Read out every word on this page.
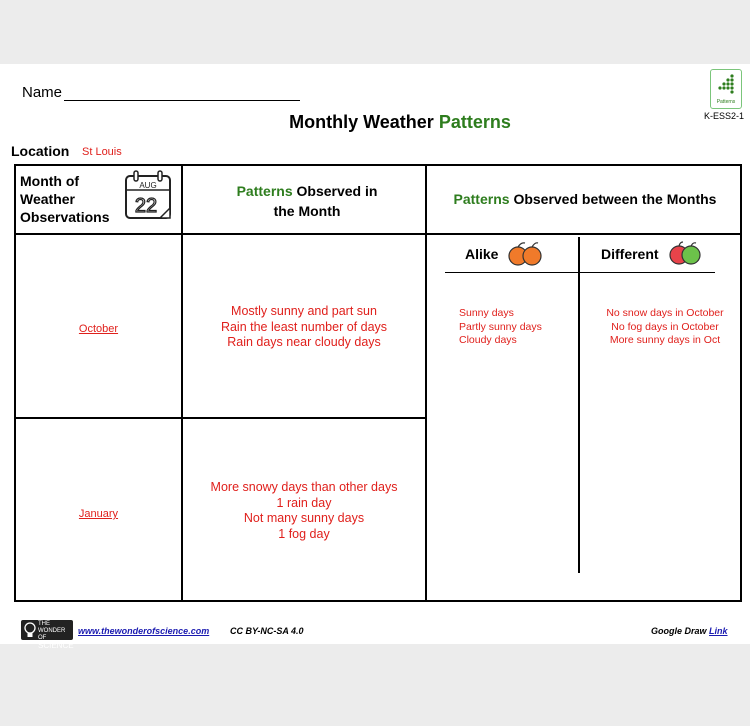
Name
Monthly Weather Patterns
Patterns
K-ESS2-1
Location St Louis
Month of Weather Observations
AUG
22
Patterns Observed in
the Month
Patterns Observed between the Months
Alike	Different
October
Mostly sunny and part sun
Rain the least number of days
Rain days near cloudy days
January
More snowy days than other days
1 rain day
Not many sunny days
1 fog day
Sunny days
Partly sunny days
Cloudy days
No snow days in October
No fog days in October
More sunny days in Oct
THE
WONDER OF
SCIENCE
www.thewonderofscience.com CC BY-NC-SA 4.0	Google Draw Link
